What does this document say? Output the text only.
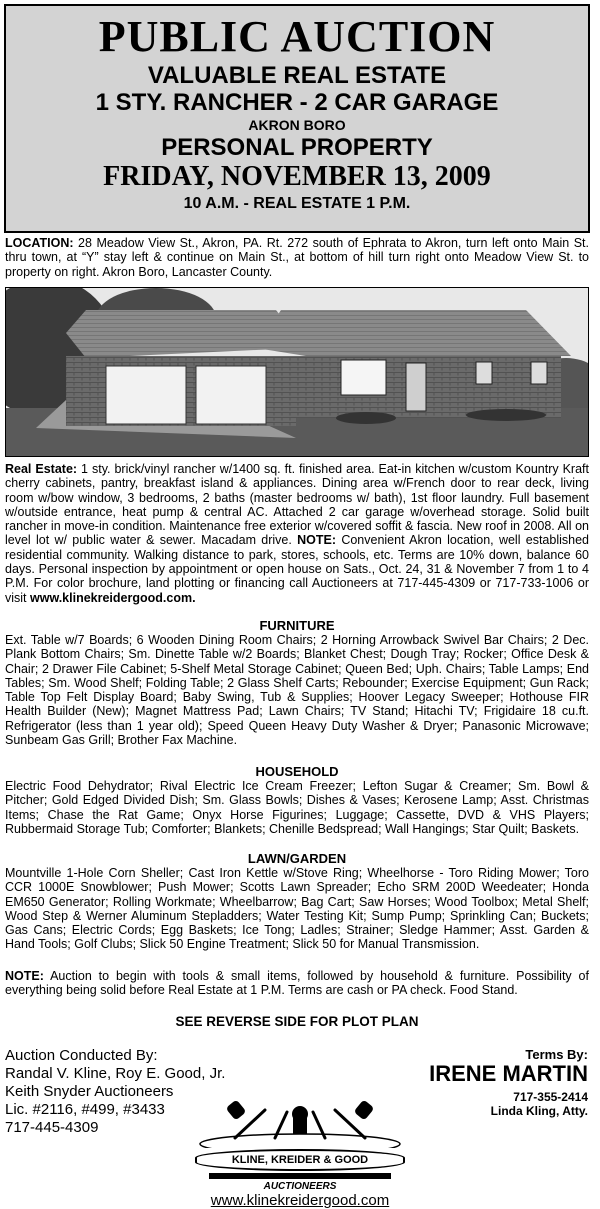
PUBLIC AUCTION
VALUABLE REAL ESTATE
1 STY. RANCHER - 2 CAR GARAGE
AKRON BORO
PERSONAL PROPERTY
FRIDAY, NOVEMBER 13, 2009
10 A.M. - REAL ESTATE 1 P.M.
LOCATION: 28 Meadow View St., Akron, PA. Rt. 272 south of Ephrata to Akron, turn left onto Main St. thru town, at “Y” stay left & continue on Main St., at bottom of hill turn right onto Meadow View St. to property on right. Akron Boro, Lancaster County.
Real Estate: 1 sty. brick/vinyl rancher w/1400 sq. ft. finished area. Eat-in kitchen w/custom Kountry Kraft cherry cabinets, pantry, breakfast island & appliances. Dining area w/French door to rear deck, living room w/bow window, 3 bedrooms, 2 baths (master bedrooms w/ bath), 1st floor laundry. Full basement w/outside entrance, heat pump & central AC. Attached 2 car garage w/overhead storage. Solid built rancher in move-in condition. Maintenance free exterior w/covered soffit & fascia. New roof in 2008. All on level lot w/ public water & sewer. Macadam drive. NOTE: Convenient Akron location, well established residential community. Walking distance to park, stores, schools, etc. Terms are 10% down, balance 60 days. Personal inspection by appointment or open house on Sats., Oct. 24, 31 & November 7 from 1 to 4 P.M. For color brochure, land plotting or financing call Auctioneers at 717-445-4309 or 717-733-1006 or visit www.klinekreidergood.com.
FURNITURE
Ext. Table w/7 Boards; 6 Wooden Dining Room Chairs; 2 Horning Arrowback Swivel Bar Chairs; 2 Dec. Plank Bottom Chairs; Sm. Dinette Table w/2 Boards; Blanket Chest; Dough Tray; Rocker; Office Desk & Chair; 2 Drawer File Cabinet; 5-Shelf Metal Storage Cabinet; Queen Bed; Uph. Chairs; Table Lamps; End Tables; Sm. Wood Shelf; Folding Table; 2 Glass Shelf Carts; Rebounder; Exercise Equipment; Gun Rack; Table Top Felt Display Board; Baby Swing, Tub & Supplies; Hoover Legacy Sweeper; Hothouse FIR Health Builder (New); Magnet Mattress Pad; Lawn Chairs; TV Stand; Hitachi TV; Frigidaire 18 cu.ft. Refrigerator (less than 1 year old); Speed Queen Heavy Duty Washer & Dryer; Panasonic Microwave; Sunbeam Gas Grill; Brother Fax Machine.
HOUSEHOLD
Electric Food Dehydrator; Rival Electric Ice Cream Freezer; Lefton Sugar & Creamer; Sm. Bowl & Pitcher; Gold Edged Divided Dish; Sm. Glass Bowls; Dishes & Vases; Kerosene Lamp; Asst. Christmas Items; Chase the Rat Game; Onyx Horse Figurines; Luggage; Cassette, DVD & VHS Players; Rubbermaid Storage Tub; Comforter; Blankets; Chenille Bedspread; Wall Hangings; Star Quilt; Baskets.
LAWN/GARDEN
Mountville 1-Hole Corn Sheller; Cast Iron Kettle w/Stove Ring; Wheelhorse - Toro Riding Mower; Toro CCR 1000E Snowblower; Push Mower; Scotts Lawn Spreader; Echo SRM 200D Weedeater; Honda EM650 Generator; Rolling Workmate; Wheelbarrow; Bag Cart; Saw Horses; Wood Toolbox; Metal Shelf; Wood Step & Werner Aluminum Stepladders; Water Testing Kit; Sump Pump; Sprinkling Can; Buckets; Gas Cans; Electric Cords; Egg Baskets; Ice Tong; Ladles; Strainer; Sledge Hammer; Asst. Garden & Hand Tools; Golf Clubs; Slick 50 Engine Treatment; Slick 50 for Manual Transmission.
NOTE: Auction to begin with tools & small items, followed by household & furniture. Possibility of everything being solid before Real Estate at 1 P.M. Terms are cash or PA check. Food Stand.
SEE REVERSE SIDE FOR PLOT PLAN
Auction Conducted By:
Randal V. Kline, Roy E. Good, Jr.
Keith Snyder Auctioneers
Lic. #2116, #499, #3433
717-445-4309
Terms By:
IRENE MARTIN
717-355-2414
Linda Kling, Atty.
KLINE, KREIDER & GOOD
AUCTIONEERS
www.klinekreidergood.com
